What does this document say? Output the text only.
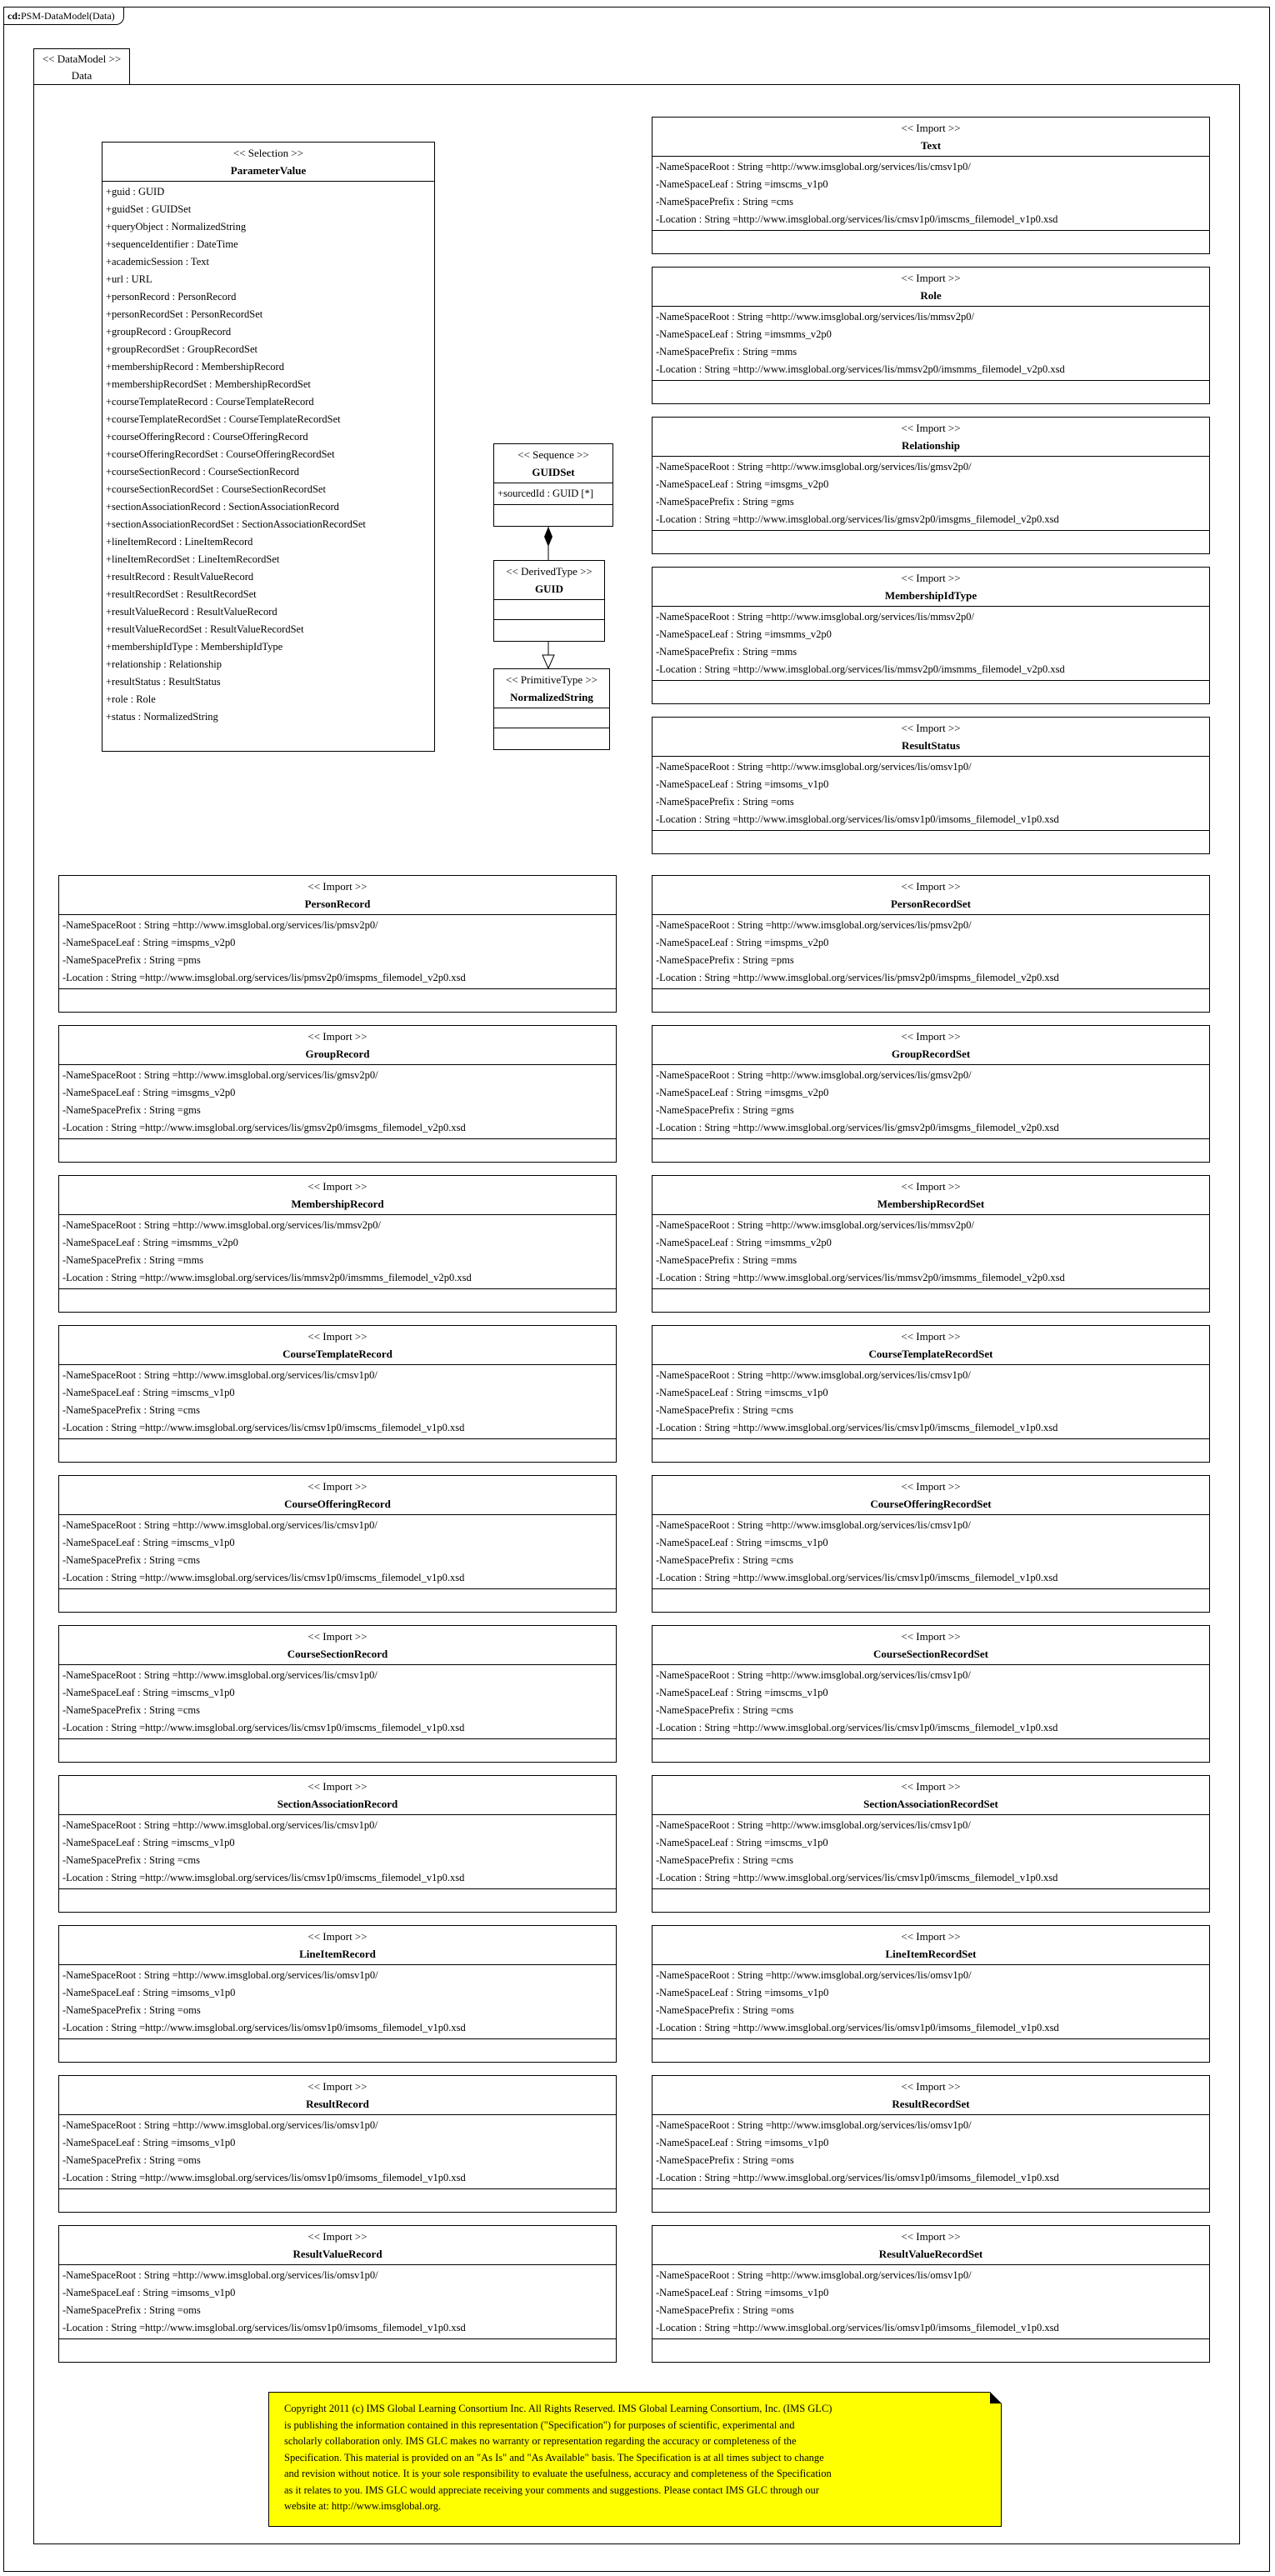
cd:PSM-DataModel(Data)
<< DataModel >>
Data
<< Selection >>
ParameterValue
+guid : GUID
+guidSet : GUIDSet
+queryObject : NormalizedString
+sequenceIdentifier : DateTime
+academicSession : Text
+url : URL
+personRecord : PersonRecord
+personRecordSet : PersonRecordSet
+groupRecord : GroupRecord
+groupRecordSet : GroupRecordSet
+membershipRecord : MembershipRecord
+membershipRecordSet : MembershipRecordSet
+courseTemplateRecord : CourseTemplateRecord
+courseTemplateRecordSet : CourseTemplateRecordSet
+courseOfferingRecord : CourseOfferingRecord
+courseOfferingRecordSet : CourseOfferingRecordSet
+courseSectionRecord : CourseSectionRecord
+courseSectionRecordSet : CourseSectionRecordSet
+sectionAssociationRecord : SectionAssociationRecord
+sectionAssociationRecordSet : SectionAssociationRecordSet
+lineItemRecord : LineItemRecord
+lineItemRecordSet : LineItemRecordSet
+resultRecord : ResultValueRecord
+resultRecordSet : ResultRecordSet
+resultValueRecord : ResultValueRecord
+resultValueRecordSet : ResultValueRecordSet
+membershipIdType : MembershipIdType
+relationship : Relationship
+resultStatus : ResultStatus
+role : Role
+status : NormalizedString
<< Sequence >>
GUIDSet
+sourcedId : GUID [*]
<< DerivedType >>
GUID
<< PrimitiveType >>
NormalizedString
<< Import >>
Text
-NameSpaceRoot : String =http://www.imsglobal.org/services/lis/cmsv1p0/
-NameSpaceLeaf : String =imscms_v1p0
-NameSpacePrefix : String =cms
-Location : String =http://www.imsglobal.org/services/lis/cmsv1p0/imscms_filemodel_v1p0.xsd
<< Import >>
Role
-NameSpaceRoot : String =http://www.imsglobal.org/services/lis/mmsv2p0/
-NameSpaceLeaf : String =imsmms_v2p0
-NameSpacePrefix : String =mms
-Location : String =http://www.imsglobal.org/services/lis/mmsv2p0/imsmms_filemodel_v2p0.xsd
<< Import >>
Relationship
-NameSpaceRoot : String =http://www.imsglobal.org/services/lis/gmsv2p0/
-NameSpaceLeaf : String =imsgms_v2p0
-NameSpacePrefix : String =gms
-Location : String =http://www.imsglobal.org/services/lis/gmsv2p0/imsgms_filemodel_v2p0.xsd
<< Import >>
MembershipIdType
-NameSpaceRoot : String =http://www.imsglobal.org/services/lis/mmsv2p0/
-NameSpaceLeaf : String =imsmms_v2p0
-NameSpacePrefix : String =mms
-Location : String =http://www.imsglobal.org/services/lis/mmsv2p0/imsmms_filemodel_v2p0.xsd
<< Import >>
ResultStatus
-NameSpaceRoot : String =http://www.imsglobal.org/services/lis/omsv1p0/
-NameSpaceLeaf : String =imsoms_v1p0
-NameSpacePrefix : String =oms
-Location : String =http://www.imsglobal.org/services/lis/omsv1p0/imsoms_filemodel_v1p0.xsd
<< Import >>
PersonRecord
-NameSpaceRoot : String =http://www.imsglobal.org/services/lis/pmsv2p0/
-NameSpaceLeaf : String =imspms_v2p0
-NameSpacePrefix : String =pms
-Location : String =http://www.imsglobal.org/services/lis/pmsv2p0/imspms_filemodel_v2p0.xsd
<< Import >>
PersonRecordSet
-NameSpaceRoot : String =http://www.imsglobal.org/services/lis/pmsv2p0/
-NameSpaceLeaf : String =imspms_v2p0
-NameSpacePrefix : String =pms
-Location : String =http://www.imsglobal.org/services/lis/pmsv2p0/imspms_filemodel_v2p0.xsd
<< Import >>
GroupRecord
-NameSpaceRoot : String =http://www.imsglobal.org/services/lis/gmsv2p0/
-NameSpaceLeaf : String =imsgms_v2p0
-NameSpacePrefix : String =gms
-Location : String =http://www.imsglobal.org/services/lis/gmsv2p0/imsgms_filemodel_v2p0.xsd
<< Import >>
GroupRecordSet
-NameSpaceRoot : String =http://www.imsglobal.org/services/lis/gmsv2p0/
-NameSpaceLeaf : String =imsgms_v2p0
-NameSpacePrefix : String =gms
-Location : String =http://www.imsglobal.org/services/lis/gmsv2p0/imsgms_filemodel_v2p0.xsd
<< Import >>
MembershipRecord
-NameSpaceRoot : String =http://www.imsglobal.org/services/lis/mmsv2p0/
-NameSpaceLeaf : String =imsmms_v2p0
-NameSpacePrefix : String =mms
-Location : String =http://www.imsglobal.org/services/lis/mmsv2p0/imsmms_filemodel_v2p0.xsd
<< Import >>
MembershipRecordSet
-NameSpaceRoot : String =http://www.imsglobal.org/services/lis/mmsv2p0/
-NameSpaceLeaf : String =imsmms_v2p0
-NameSpacePrefix : String =mms
-Location : String =http://www.imsglobal.org/services/lis/mmsv2p0/imsmms_filemodel_v2p0.xsd
<< Import >>
CourseTemplateRecord
-NameSpaceRoot : String =http://www.imsglobal.org/services/lis/cmsv1p0/
-NameSpaceLeaf : String =imscms_v1p0
-NameSpacePrefix : String =cms
-Location : String =http://www.imsglobal.org/services/lis/cmsv1p0/imscms_filemodel_v1p0.xsd
<< Import >>
CourseTemplateRecordSet
-NameSpaceRoot : String =http://www.imsglobal.org/services/lis/cmsv1p0/
-NameSpaceLeaf : String =imscms_v1p0
-NameSpacePrefix : String =cms
-Location : String =http://www.imsglobal.org/services/lis/cmsv1p0/imscms_filemodel_v1p0.xsd
<< Import >>
CourseOfferingRecord
-NameSpaceRoot : String =http://www.imsglobal.org/services/lis/cmsv1p0/
-NameSpaceLeaf : String =imscms_v1p0
-NameSpacePrefix : String =cms
-Location : String =http://www.imsglobal.org/services/lis/cmsv1p0/imscms_filemodel_v1p0.xsd
<< Import >>
CourseOfferingRecordSet
-NameSpaceRoot : String =http://www.imsglobal.org/services/lis/cmsv1p0/
-NameSpaceLeaf : String =imscms_v1p0
-NameSpacePrefix : String =cms
-Location : String =http://www.imsglobal.org/services/lis/cmsv1p0/imscms_filemodel_v1p0.xsd
<< Import >>
CourseSectionRecord
-NameSpaceRoot : String =http://www.imsglobal.org/services/lis/cmsv1p0/
-NameSpaceLeaf : String =imscms_v1p0
-NameSpacePrefix : String =cms
-Location : String =http://www.imsglobal.org/services/lis/cmsv1p0/imscms_filemodel_v1p0.xsd
<< Import >>
CourseSectionRecordSet
-NameSpaceRoot : String =http://www.imsglobal.org/services/lis/cmsv1p0/
-NameSpaceLeaf : String =imscms_v1p0
-NameSpacePrefix : String =cms
-Location : String =http://www.imsglobal.org/services/lis/cmsv1p0/imscms_filemodel_v1p0.xsd
<< Import >>
SectionAssociationRecord
-NameSpaceRoot : String =http://www.imsglobal.org/services/lis/cmsv1p0/
-NameSpaceLeaf : String =imscms_v1p0
-NameSpacePrefix : String =cms
-Location : String =http://www.imsglobal.org/services/lis/cmsv1p0/imscms_filemodel_v1p0.xsd
<< Import >>
SectionAssociationRecordSet
-NameSpaceRoot : String =http://www.imsglobal.org/services/lis/cmsv1p0/
-NameSpaceLeaf : String =imscms_v1p0
-NameSpacePrefix : String =cms
-Location : String =http://www.imsglobal.org/services/lis/cmsv1p0/imscms_filemodel_v1p0.xsd
<< Import >>
LineItemRecord
-NameSpaceRoot : String =http://www.imsglobal.org/services/lis/omsv1p0/
-NameSpaceLeaf : String =imsoms_v1p0
-NameSpacePrefix : String =oms
-Location : String =http://www.imsglobal.org/services/lis/omsv1p0/imsoms_filemodel_v1p0.xsd
<< Import >>
LineItemRecordSet
-NameSpaceRoot : String =http://www.imsglobal.org/services/lis/omsv1p0/
-NameSpaceLeaf : String =imsoms_v1p0
-NameSpacePrefix : String =oms
-Location : String =http://www.imsglobal.org/services/lis/omsv1p0/imsoms_filemodel_v1p0.xsd
<< Import >>
ResultRecord
-NameSpaceRoot : String =http://www.imsglobal.org/services/lis/omsv1p0/
-NameSpaceLeaf : String =imsoms_v1p0
-NameSpacePrefix : String =oms
-Location : String =http://www.imsglobal.org/services/lis/omsv1p0/imsoms_filemodel_v1p0.xsd
<< Import >>
ResultRecordSet
-NameSpaceRoot : String =http://www.imsglobal.org/services/lis/omsv1p0/
-NameSpaceLeaf : String =imsoms_v1p0
-NameSpacePrefix : String =oms
-Location : String =http://www.imsglobal.org/services/lis/omsv1p0/imsoms_filemodel_v1p0.xsd
<< Import >>
ResultValueRecord
-NameSpaceRoot : String =http://www.imsglobal.org/services/lis/omsv1p0/
-NameSpaceLeaf : String =imsoms_v1p0
-NameSpacePrefix : String =oms
-Location : String =http://www.imsglobal.org/services/lis/omsv1p0/imsoms_filemodel_v1p0.xsd
<< Import >>
ResultValueRecordSet
-NameSpaceRoot : String =http://www.imsglobal.org/services/lis/omsv1p0/
-NameSpaceLeaf : String =imsoms_v1p0
-NameSpacePrefix : String =oms
-Location : String =http://www.imsglobal.org/services/lis/omsv1p0/imsoms_filemodel_v1p0.xsd
Copyright 2011 (c) IMS Global Learning Consortium Inc. All Rights Reserved. IMS Global Learning Consortium, Inc. (IMS GLC)
is publishing the information contained in this representation ("Specification") for purposes of scientific, experimental and
scholarly collaboration only. IMS GLC makes no warranty or representation regarding the accuracy or completeness of the
Specification. This material is provided on an "As Is" and "As Available" basis. The Specification is at all times subject to change
and revision without notice. It is your sole responsibility to evaluate the usefulness, accuracy and completeness of the Specification
as it relates to you. IMS GLC would appreciate receiving your comments and suggestions. Please contact IMS GLC through our
website at: http://www.imsglobal.org.
